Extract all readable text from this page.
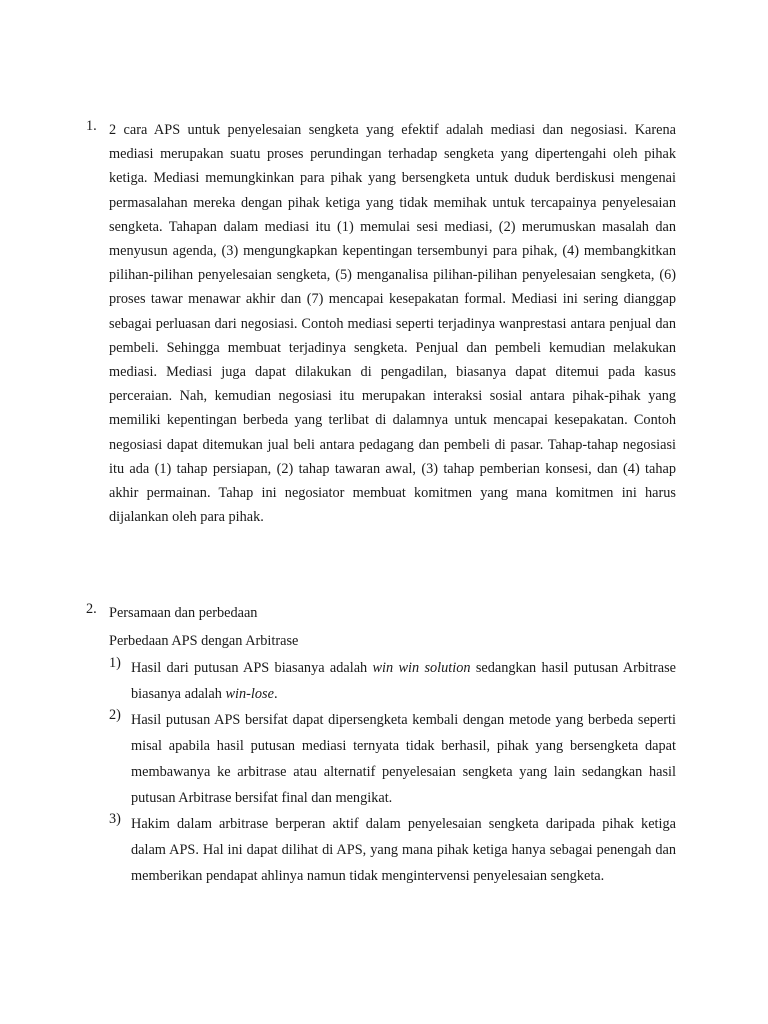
1. 2 cara APS untuk penyelesaian sengketa yang efektif adalah mediasi dan negosiasi. Karena mediasi merupakan suatu proses perundingan terhadap sengketa yang dipertengahi oleh pihak ketiga. Mediasi memungkinkan para pihak yang bersengketa untuk duduk berdiskusi mengenai permasalahan mereka dengan pihak ketiga yang tidak memihak untuk tercapainya penyelesaian sengketa. Tahapan dalam mediasi itu (1) memulai sesi mediasi, (2) merumuskan masalah dan menyusun agenda, (3) mengungkapkan kepentingan tersembunyi para pihak, (4) membangkitkan pilihan-pilihan penyelesaian sengketa, (5) menganalisa pilihan-pilihan penyelesaian sengketa, (6) proses tawar menawar akhir dan (7) mencapai kesepakatan formal. Mediasi ini sering dianggap sebagai perluasan dari negosiasi. Contoh mediasi seperti terjadinya wanprestasi antara penjual dan pembeli. Sehingga membuat terjadinya sengketa. Penjual dan pembeli kemudian melakukan mediasi. Mediasi juga dapat dilakukan di pengadilan, biasanya dapat ditemui pada kasus perceraian. Nah, kemudian negosiasi itu merupakan interaksi sosial antara pihak-pihak yang memiliki kepentingan berbeda yang terlibat di dalamnya untuk mencapai kesepakatan. Contoh negosiasi dapat ditemukan jual beli antara pedagang dan pembeli di pasar. Tahap-tahap negosiasi itu ada (1) tahap persiapan, (2) tahap tawaran awal, (3) tahap pemberian konsesi, dan (4) tahap akhir permainan. Tahap ini negosiator membuat komitmen yang mana komitmen ini harus dijalankan oleh para pihak.

2. Persamaan dan perbedaan

Perbedaan APS dengan Arbitrase

1) Hasil dari putusan APS biasanya adalah win win solution sedangkan hasil putusan Arbitrase biasanya adalah win-lose.

2) Hasil putusan APS bersifat dapat dipersengketa kembali dengan metode yang berbeda seperti misal apabila hasil putusan mediasi ternyata tidak berhasil, pihak yang bersengketa dapat membawanya ke arbitrase atau alternatif penyelesaian sengketa yang lain sedangkan hasil putusan Arbitrase bersifat final dan mengikat.

3) Hakim dalam arbitrase berperan aktif dalam penyelesaian sengketa daripada pihak ketiga dalam APS. Hal ini dapat dilihat di APS, yang mana pihak ketiga hanya sebagai penengah dan memberikan pendapat ahlinya namun tidak mengintervensi penyelesaian sengketa.
